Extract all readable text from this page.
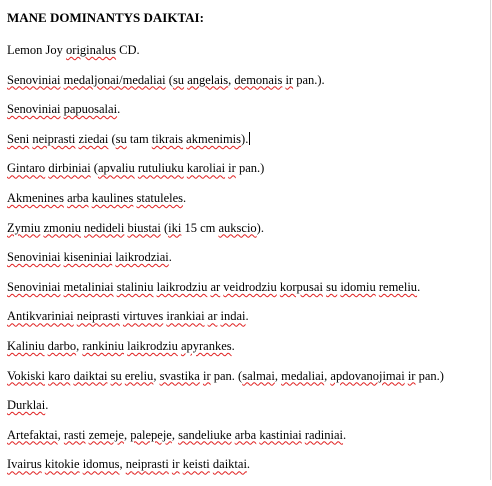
MANE DOMINANTYS DAIKTAI:
Lemon Joy originalus CD.
Senoviniai medaljonai/medaliai (su angelais, demonais ir pan.).
Senoviniai papuosalai.
Seni neiprasti ziedai (su tam tikrais akmenimis).
Gintaro dirbiniai (apvaliu rutuliuku karoliai ir pan.)
Akmenines arba kaulines statuleles.
Zymiu zmoniu nedideli biustai (iki 15 cm aukscio).
Senoviniai kiseniniai laikrodziai.
Senoviniai metaliniai staliniu laikrodziu ar veidrodziu korpusai su idomiu remeliu.
Antikvariniai neiprasti virtuves irankiai ar indai.
Kaliniu darbo, rankiniu laikrodziu apyrankes.
Vokiski karo daiktai su ereliu, svastika ir pan. (salmai, medaliai, apdovanojimai ir pan.)
Durklai.
Artefaktai, rasti zemeje, palepeje, sandeliuke arba kastiniai radiniai.
Ivairus kitokie idomus, neiprasti ir keisti daiktai.
